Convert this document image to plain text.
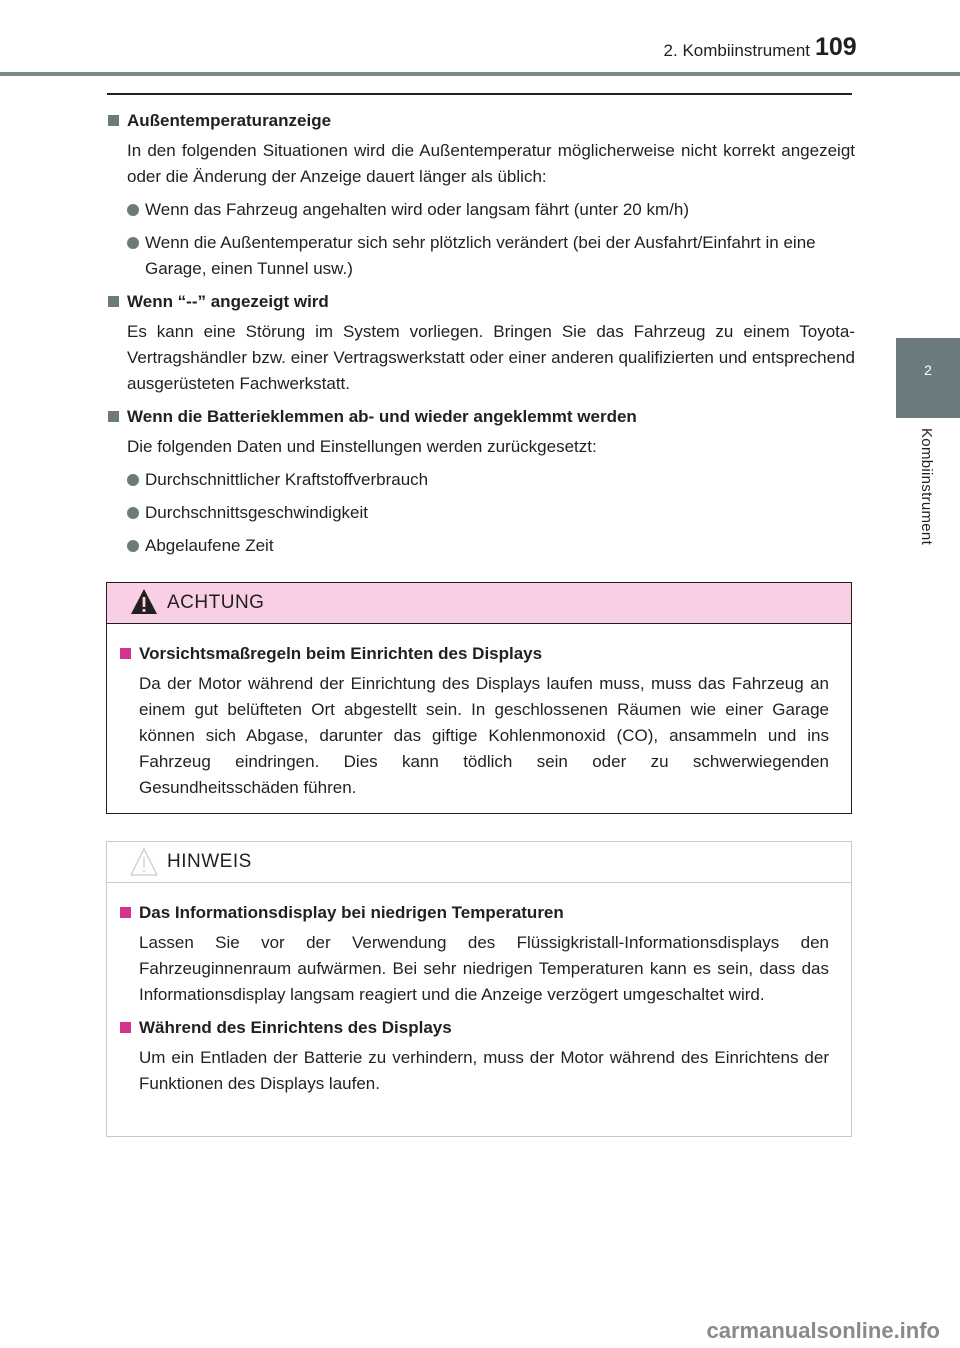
2. Kombiinstrument 109
2
Kombiinstrument

Außentemperaturanzeige

In den folgenden Situationen wird die Außentemperatur möglicherweise nicht korrekt angezeigt oder die Änderung der Anzeige dauert länger als üblich:

Wenn das Fahrzeug angehalten wird oder langsam fährt (unter 20 km/h)
Wenn die Außentemperatur sich sehr plötzlich verändert (bei der Ausfahrt/Einfahrt in eine Garage, einen Tunnel usw.)

Wenn “--” angezeigt wird

Es kann eine Störung im System vorliegen. Bringen Sie das Fahrzeug zu einem Toyota-Vertragshändler bzw. einer Vertragswerkstatt oder einer anderen qualifizierten und entsprechend ausgerüsteten Fachwerkstatt.

Wenn die Batterieklemmen ab- und wieder angeklemmt werden

Die folgenden Daten und Einstellungen werden zurückgesetzt:

Durchschnittlicher Kraftstoffverbrauch
Durchschnittsgeschwindigkeit
Abgelaufene Zeit
ACHTUNG

Vorsichtsmaßregeln beim Einrichten des Displays

Da der Motor während der Einrichtung des Displays laufen muss, muss das Fahrzeug an einem gut belüfteten Ort abgestellt sein. In geschlossenen Räumen wie einer Garage können sich Abgase, darunter das giftige Kohlenmonoxid (CO), ansammeln und ins Fahrzeug eindringen. Dies kann tödlich sein oder zu schwerwiegenden Gesundheitsschäden führen.

HINWEIS

Das Informationsdisplay bei niedrigen Temperaturen

Lassen Sie vor der Verwendung des Flüssigkristall-Informationsdisplays den Fahrzeuginnenraum aufwärmen. Bei sehr niedrigen Temperaturen kann es sein, dass das Informationsdisplay langsam reagiert und die Anzeige verzögert umgeschaltet wird.

Während des Einrichtens des Displays

Um ein Entladen der Batterie zu verhindern, muss der Motor während des Einrichtens der Funktionen des Displays laufen.

carmanualsonline.info
